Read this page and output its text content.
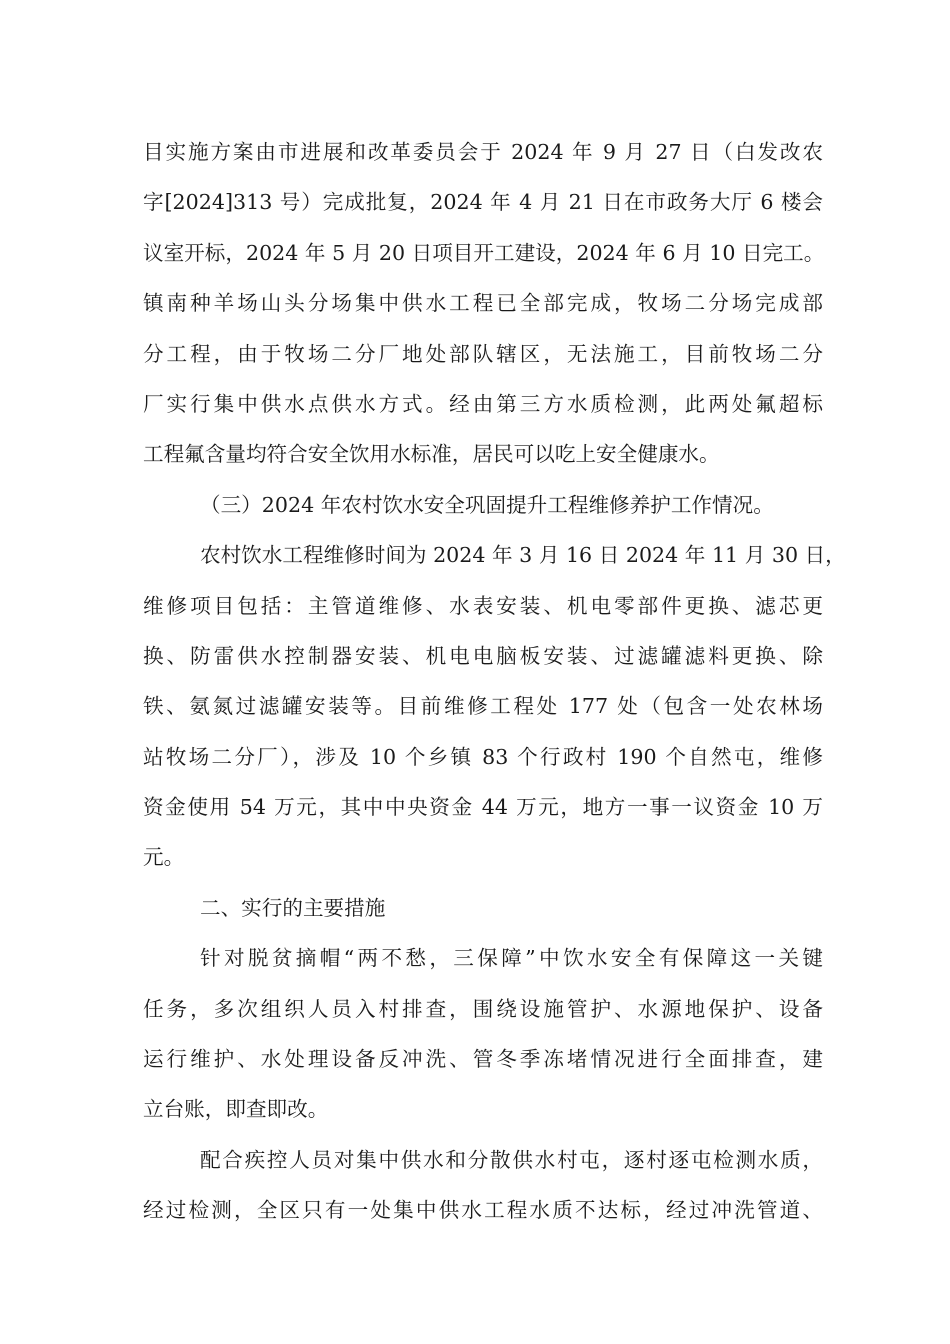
目实施方案由市进展和改革委员会于 2024 年 9 月 27 日（白发改农
字[2024]313 号）完成批复，2024 年 4 月 21 日在市政务大厅 6 楼会
议室开标，2024 年 5 月 20 日项目开工建设，2024 年 6 月 10 日完工。
镇南种羊场山头分场集中供水工程已全部完成，牧场二分场完成部
分工程，由于牧场二分厂地处部队辖区，无法施工，目前牧场二分
厂实行集中供水点供水方式。经由第三方水质检测，此两处氟超标
工程氟含量均符合安全饮用水标准，居民可以吃上安全健康水。
（三）2024 年农村饮水安全巩固提升工程维修养护工作情况。
农村饮水工程维修时间为 2024 年 3 月 16 日 2024 年 11 月 30 日，
维修项目包括：主管道维修、水表安装、机电零部件更换、滤芯更
换、防雷供水控制器安装、机电电脑板安装、过滤罐滤料更换、除
铁、氨氮过滤罐安装等。目前维修工程处 177 处（包含一处农林场
站牧场二分厂），涉及 10 个乡镇 83 个行政村 190 个自然屯，维修
资金使用 54 万元，其中中央资金 44 万元，地方一事一议资金 10 万
元。
二、实行的主要措施
针对脱贫摘帽“两不愁，三保障”中饮水安全有保障这一关键
任务，多次组织人员入村排查，围绕设施管护、水源地保护、设备
运行维护、水处理设备反冲洗、管冬季冻堵情况进行全面排查，建
立台账，即查即改。
配合疾控人员对集中供水和分散供水村屯，逐村逐屯检测水质，
经过检测，全区只有一处集中供水工程水质不达标，经过冲洗管道、
